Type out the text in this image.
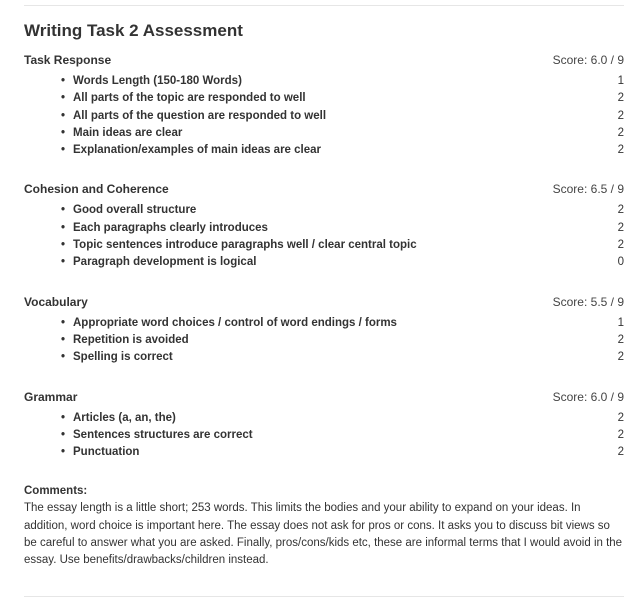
Writing Task 2 Assessment
Task Response	Score: 6.0 / 9
• Words Length (150-180 Words)	1
• All parts of the topic are responded to well	2
• All parts of the question are responded to well	2
• Main ideas are clear	2
• Explanation/examples of main ideas are clear	2
Cohesion and Coherence	Score: 6.5 / 9
• Good overall structure	2
• Each paragraphs clearly introduces	2
• Topic sentences introduce paragraphs well / clear central topic	2
• Paragraph development is logical	0
Vocabulary	Score: 5.5 / 9
• Appropriate word choices / control of word endings / forms	1
• Repetition is avoided	2
• Spelling is correct	2
Grammar	Score: 6.0 / 9
• Articles (a, an, the)	2
• Sentences structures are correct	2
• Punctuation	2
Comments:
The essay length is a little short; 253 words. This limits the bodies and your ability to expand on your ideas. In addition, word choice is important here. The essay does not ask for pros or cons. It asks you to discuss bit views so be careful to answer what you are asked. Finally, pros/cons/kids etc, these are informal terms that I would avoid in the essay. Use benefits/drawbacks/children instead.
